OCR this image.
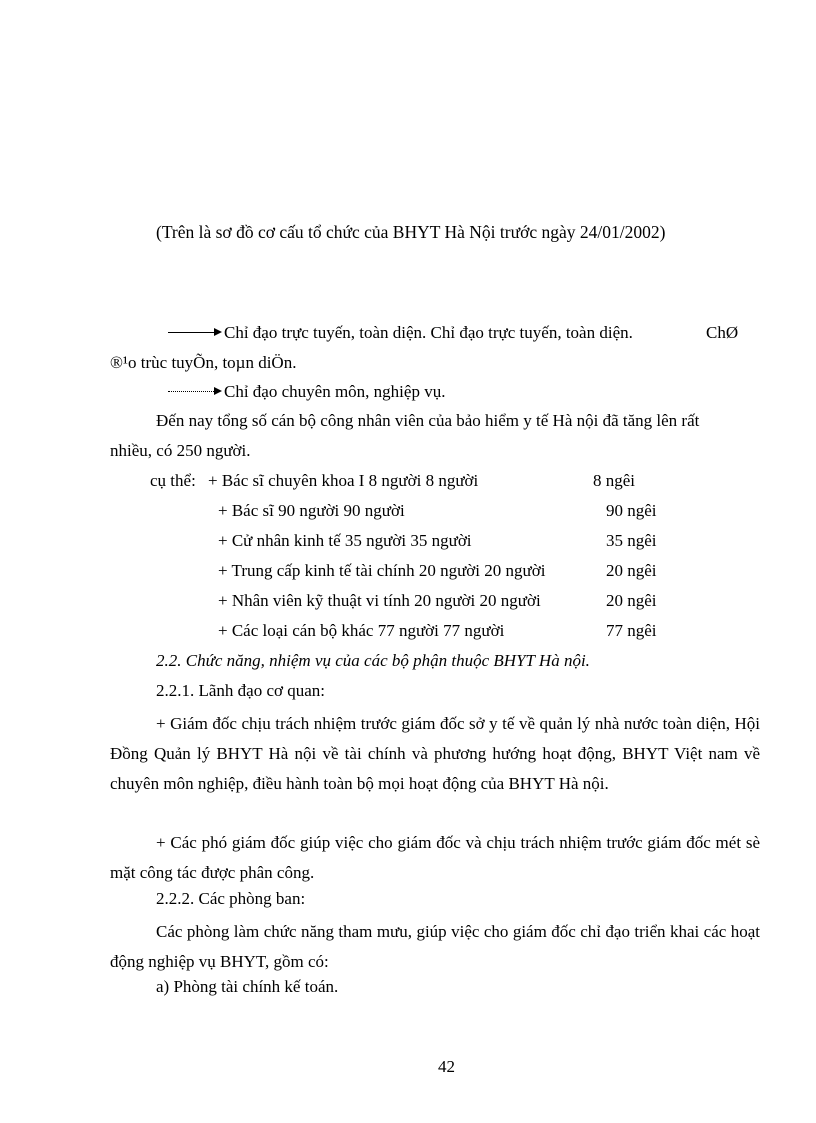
(Trên là sơ đồ cơ cấu tổ chức của BHYT Hà Nội trước ngày 24/01/2002)
Chỉ đạo trực tuyến, toàn diện. Chỉ đạo trực tuyến, toàn diện.	ChØ
®¹o trùc tuyÕn, toµn diÖn.
Chỉ đạo chuyên môn, nghiệp vụ.
Đến nay tổng số cán bộ công nhân viên của bảo hiểm y tế Hà nội đã tăng lên rất
nhiều, có 250 người.
cụ thể: + Bác sĩ chuyên khoa I 8 người 8 người	8 ngêi
+ Bác sĩ 90 người 90 người	90 ngêi
+ Cử nhân kinh tế 35 người 35 người	35 ngêi
+ Trung cấp kinh tế tài chính 20 người 20 người	20 ngêi
+ Nhân viên kỹ thuật vi tính 20 người 20 người	20 ngêi
+ Các loại cán bộ khác 77 người 77 người	77 ngêi
2.2. Chức năng, nhiệm vụ của các bộ phận thuộc BHYT Hà nội.
2.2.1. Lãnh đạo cơ quan:
+ Giám đốc chịu trách nhiệm trước giám đốc sở y tế về quản lý nhà nước toàn diện, Hội Đồng Quản lý BHYT Hà nội về tài chính và phương hướng hoạt động, BHYT Việt nam về chuyên môn nghiệp, điều hành toàn bộ mọi hoạt động của BHYT Hà nội.
+ Các phó giám đốc giúp việc cho giám đốc và chịu trách nhiệm trước giám đốc mét sè mặt công tác được phân công.
2.2.2. Các phòng ban:
Các phòng làm chức năng tham mưu, giúp việc cho giám đốc chỉ đạo triển khai các hoạt động nghiệp vụ BHYT, gồm có:
a) Phòng tài chính kế toán.
42
